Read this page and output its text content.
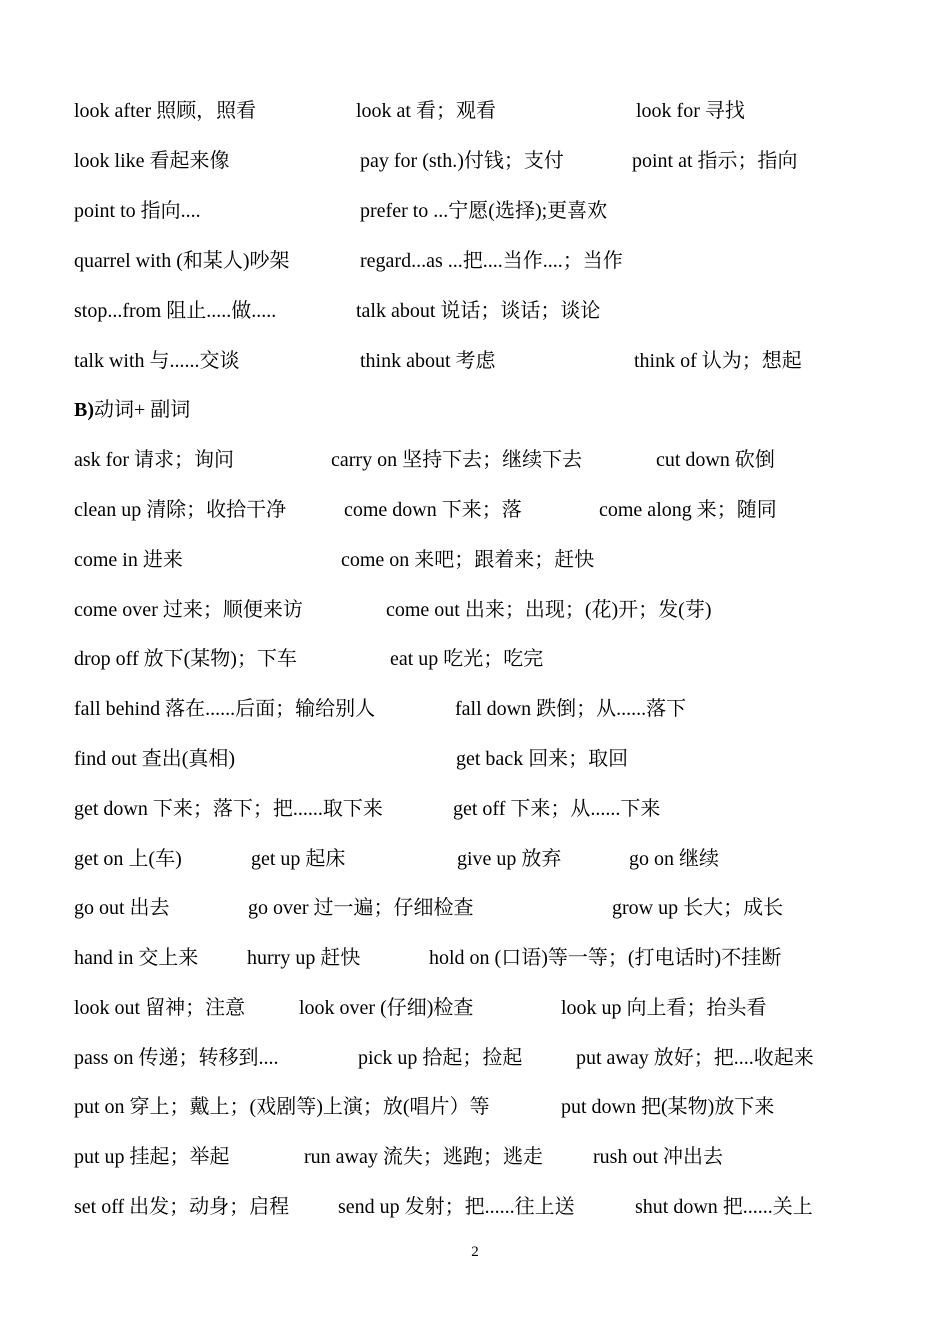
look after 照顾，照看	look at 看；观看	look for 寻找
look like 看起来像	pay for (sth.)付钱；支付	point at 指示；指向
point to 指向....	prefer to ...宁愿(选择);更喜欢
quarrel with (和某人)吵架	regard...as ...把....当作....；当作
stop...from 阻止.....做.....	talk about 说话；谈话；谈论
talk with 与......交谈	think about 考虑	think of 认为；想起
B)动词+ 副词
ask for 请求；询问	carry on 坚持下去；继续下去	cut down 砍倒
clean up 清除；收拾干净	come down 下来；落	come along 来；随同
come in 进来	come on 来吧；跟着来；赶快
come over 过来；顺便来访	come out 出来；出现；(花)开；发(芽)
drop off 放下(某物)；下车	eat up 吃光；吃完
fall behind 落在......后面；输给别人	fall down 跌倒；从......落下
find out 查出(真相)	get back 回来；取回
get down 下来；落下；把......取下来	get off 下来；从......下来
get on 上(车)	get up 起床	give up 放弃	go on 继续
go out 出去	go over 过一遍；仔细检查	grow up 长大；成长
hand in 交上来 hurry up 赶快	hold on (口语)等一等；(打电话时)不挂断
look out 留神；注意	look over (仔细)检查	look up 向上看；抬头看
pass on 传递；转移到....	pick up 拾起；捡起	put away 放好；把....收起来
put on 穿上；戴上；(戏剧等)上演；放(唱片）等	put down 把(某物)放下来
put up 挂起；举起	run away 流失；逃跑；逃走	rush out 冲出去
set off 出发；动身；启程 send up 发射；把......往上送	shut down 把......关上
2
